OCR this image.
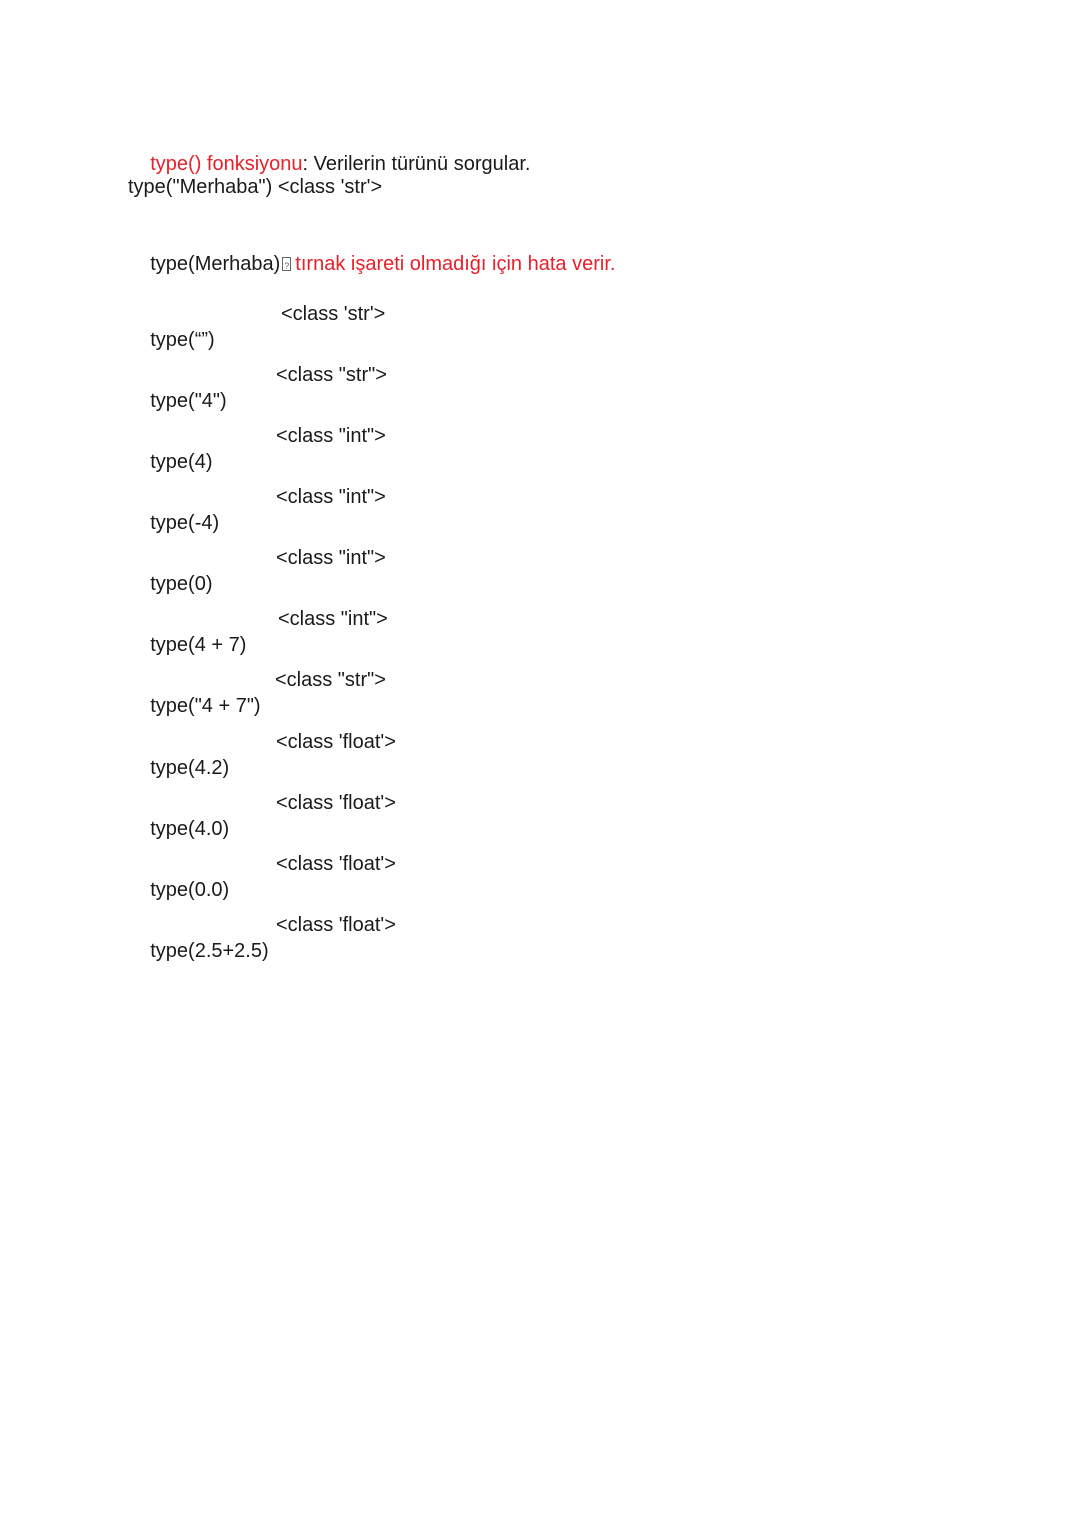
type() fonksiyonu: Verilerin türünü sorgular.

type("Merhaba") <class 'str'>

type(Merhaba) ? tırnak işareti olmadığı için hata verir.

type(“”)

<class 'str'>

type("4")

<class "str">

type(4)

<class "int">

type(-4)

<class "int">

type(0)

<class "int">

type(4 + 7)

<class "int">

type("4 + 7")

<class "str">

type(4.2)

<class 'float'>

type(4.0)

<class 'float'>

type(0.0)

<class 'float'>

type(2.5+2.5)

<class 'float'>
